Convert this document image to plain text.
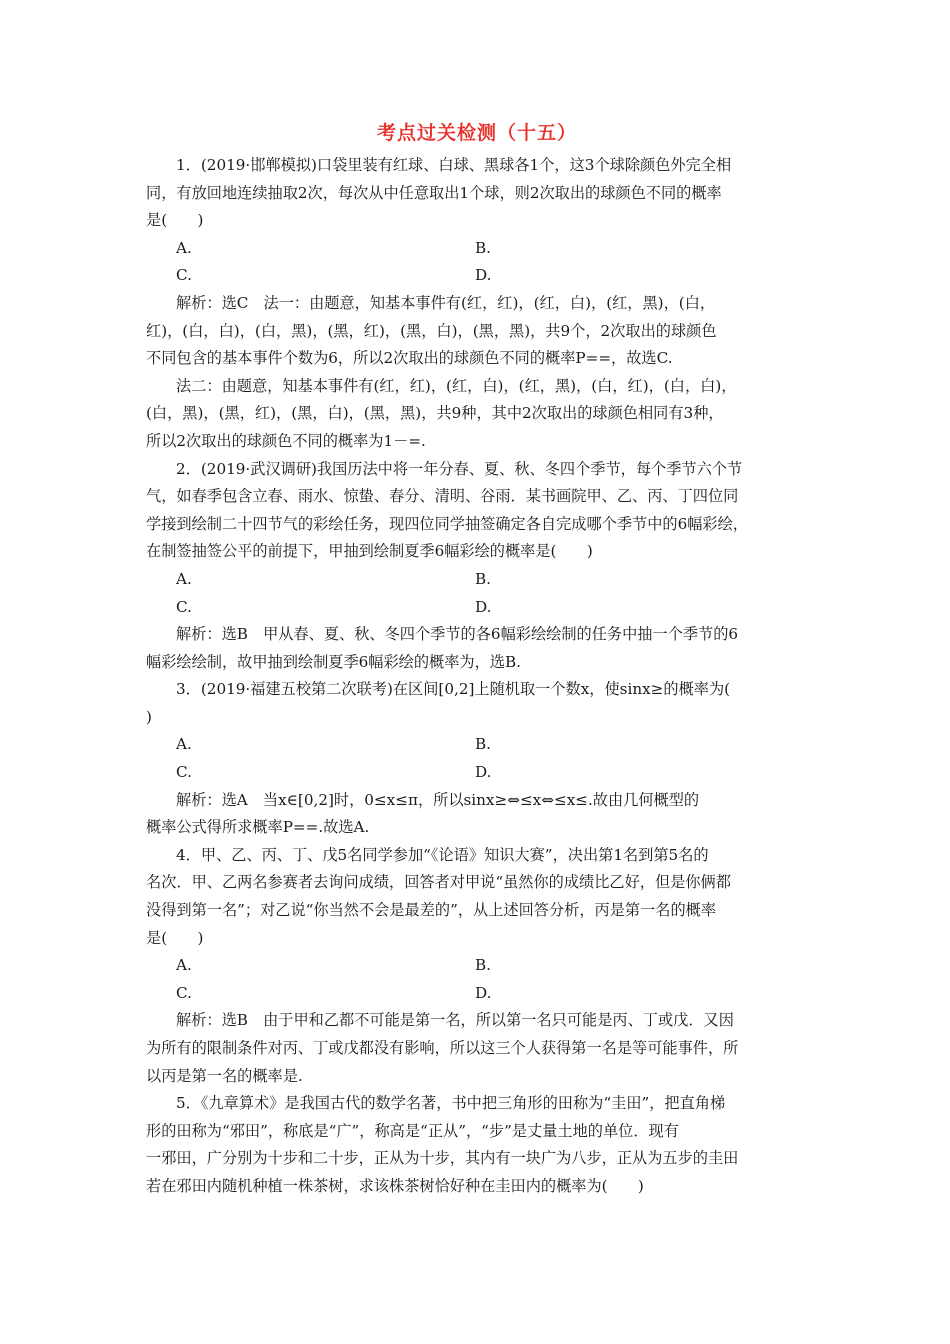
考点过关检测（十五）
1．(2019·邯郸模拟)口袋里装有红球、白球、黑球各1个，这3个球除颜色外完全相
同，有放回地连续抽取2次，每次从中任意取出1个球，则2次取出的球颜色不同的概率
是(　　)
A.	B.
C.	D.
解析：选C　法一：由题意，知基本事件有(红，红)，(红，白)，(红，黑)，(白，
红)，(白，白)，(白，黑)，(黑，红)，(黑，白)，(黑，黑)，共9个，2次取出的球颜色
不同包含的基本事件个数为6，所以2次取出的球颜色不同的概率P==，故选C.
法二：由题意，知基本事件有(红，红)，(红，白)，(红，黑)，(白，红)，(白，白)，
(白，黑)，(黑，红)，(黑，白)，(黑，黑)，共9种，其中2次取出的球颜色相同有3种，
所以2次取出的球颜色不同的概率为1－=.
2．(2019·武汉调研)我国历法中将一年分春、夏、秋、冬四个季节，每个季节六个节
气，如春季包含立春、雨水、惊蛰、春分、清明、谷雨．某书画院甲、乙、丙、丁四位同
学接到绘制二十四节气的彩绘任务，现四位同学抽签确定各自完成哪个季节中的6幅彩绘，
在制签抽签公平的前提下，甲抽到绘制夏季6幅彩绘的概率是(　　)
A.	B.
C.	D.
解析：选B　甲从春、夏、秋、冬四个季节的各6幅彩绘绘制的任务中抽一个季节的6
幅彩绘绘制，故甲抽到绘制夏季6幅彩绘的概率为，选B.
3．(2019·福建五校第二次联考)在区间[0,2]上随机取一个数x，使sinx≥的概率为(
)
A.	B.
C.	D.
解析：选A　当x∈[0,2]时，0≤x≤π，所以sinx≥⇔≤x⇔≤x≤.故由几何概型的
概率公式得所求概率P==.故选A.
4．甲、乙、丙、丁、戊5名同学参加“《论语》知识大赛”，决出第1名到第5名的
名次．甲、乙两名参赛者去询问成绩，回答者对甲说“虽然你的成绩比乙好，但是你俩都
没得到第一名”；对乙说“你当然不会是最差的”，从上述回答分析，丙是第一名的概率
是(　　)
A.	B.
C.	D.
解析：选B　由于甲和乙都不可能是第一名，所以第一名只可能是丙、丁或戊．又因
为所有的限制条件对丙、丁或戊都没有影响，所以这三个人获得第一名是等可能事件，所
以丙是第一名的概率是.
5．《九章算术》是我国古代的数学名著，书中把三角形的田称为“圭田”，把直角梯
形的田称为“邪田”，称底是“广”，称高是“正从”，“步”是丈量土地的单位．现有
一邪田，广分别为十步和二十步，正从为十步，其内有一块广为八步，正从为五步的圭田
若在邪田内随机种植一株茶树，求该株茶树恰好种在圭田内的概率为(　　)
